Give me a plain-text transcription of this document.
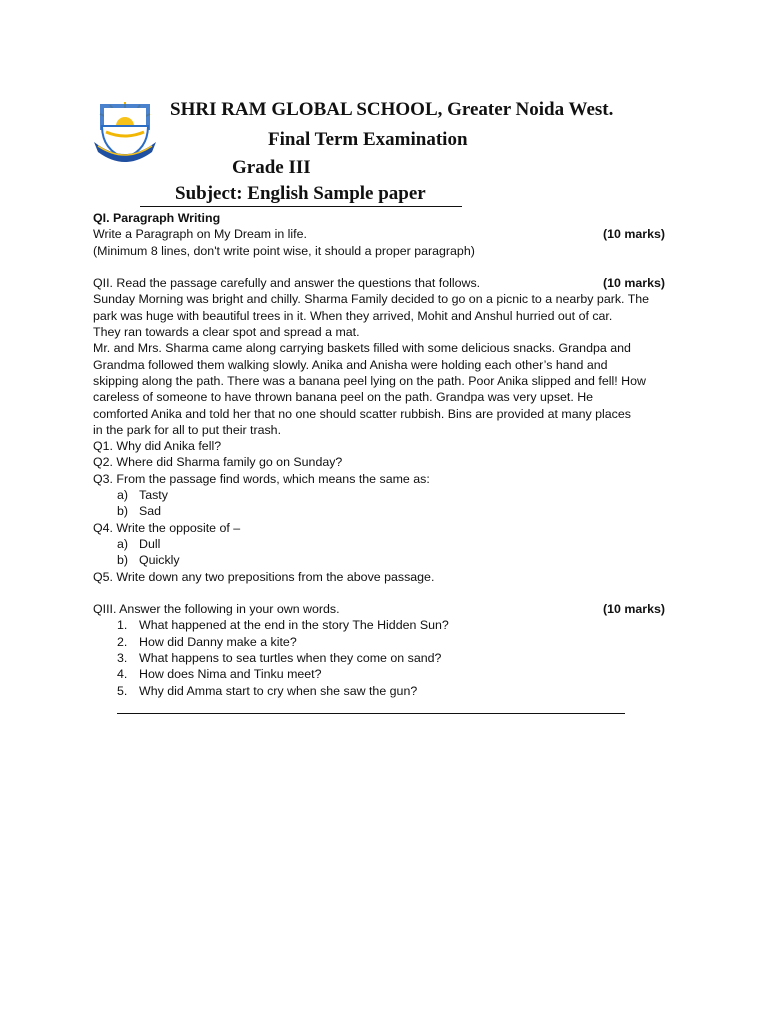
SHRI RAM GLOBAL SCHOOL, Greater Noida West.
Final Term Examination
Grade III
Subject: English Sample paper
QI. Paragraph Writing
Write a Paragraph on My Dream in life.	(10 marks)
(Minimum 8 lines, don't write point wise, it should a proper paragraph)
QII. Read the passage carefully and answer the questions that follows.	(10 marks)
Sunday Morning was bright and chilly. Sharma Family decided to go on a picnic to a nearby park. The
park was huge with beautiful trees in it. When they arrived, Mohit and Anshul hurried out of car.
They ran towards a clear spot and spread a mat.
Mr. and Mrs. Sharma came along carrying baskets filled with some delicious snacks. Grandpa and
Grandma followed them walking slowly. Anika and Anisha were holding each other’s hand and
skipping along the path. There was a banana peel lying on the path. Poor Anika slipped and fell! How
careless of someone to have thrown banana peel on the path. Grandpa was very upset. He
comforted Anika and told her that no one should scatter rubbish. Bins are provided at many places
in the park for all to put their trash.
Q1. Why did Anika fell?
Q2. Where did Sharma family go on Sunday?
Q3. From the passage find words, which means the same as:
a) Tasty
b) Sad
Q4. Write the opposite of –
a) Dull
b) Quickly
Q5. Write down any two prepositions from the above passage.
QIII. Answer the following in your own words.	(10 marks)
1. What happened at the end in the story The Hidden Sun?
2. How did Danny make a kite?
3. What happens to sea turtles when they come on sand?
4. How does Nima and Tinku meet?
5. Why did Amma start to cry when she saw the gun?
